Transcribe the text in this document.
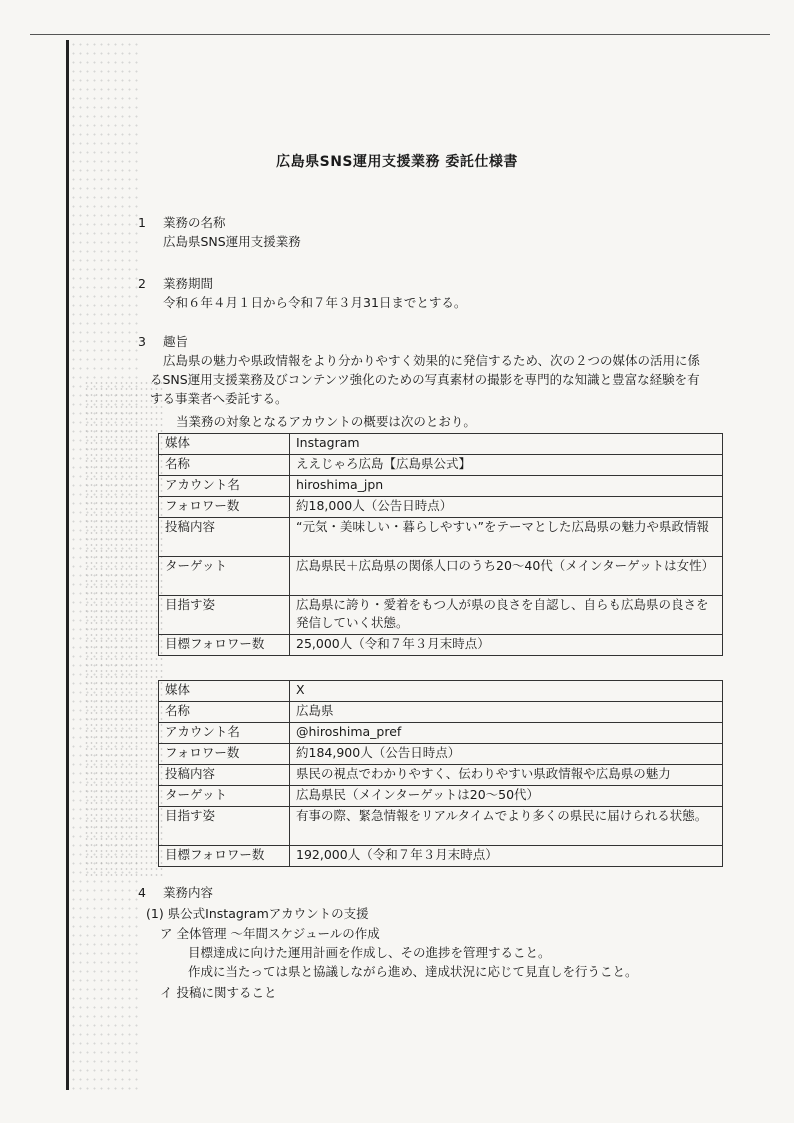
広島県SNS運用支援業務 委託仕様書
1 業務の名称
広島県SNS運用支援業務
2 業務期間
令和６年４月１日から令和７年３月31日までとする。
3 趣旨
広島県の魅力や県政情報をより分かりやすく効果的に発信するため、次の２つの媒体の活用に係
るSNS運用支援業務及びコンテンツ強化のための写真素材の撮影を専門的な知識と豊富な経験を有
する事業者へ委託する。
当業務の対象となるアカウントの概要は次のとおり。
媒体	Instagram
名称	ええじゃろ広島【広島県公式】
アカウント名	hiroshima_jpn
フォロワー数	約18,000人（公告日時点）
投稿内容	“元気・美味しい・暮らしやすい”をテーマとした広島県の魅力や県政情報
ターゲット	広島県民＋広島県の関係人口のうち20〜40代（メインターゲットは女性）
目指す姿	広島県に誇り・愛着をもつ人が県の良さを自認し、自らも広島県の良さを発信していく状態。
目標フォロワー数	25,000人（令和７年３月末時点）
媒体	X
名称	広島県
アカウント名	@hiroshima_pref
フォロワー数	約184,900人（公告日時点）
投稿内容	県民の視点でわかりやすく、伝わりやすい県政情報や広島県の魅力
ターゲット	広島県民（メインターゲットは20〜50代）
目指す姿	有事の際、緊急情報をリアルタイムでより多くの県民に届けられる状態。
目標フォロワー数	192,000人（令和７年３月末時点）
4 業務内容
(1) 県公式Instagramアカウントの支援
ア 全体管理 〜年間スケジュールの作成
目標達成に向けた運用計画を作成し、その進捗を管理すること。
作成に当たっては県と協議しながら進め、達成状況に応じて見直しを行うこと。
イ 投稿に関すること
